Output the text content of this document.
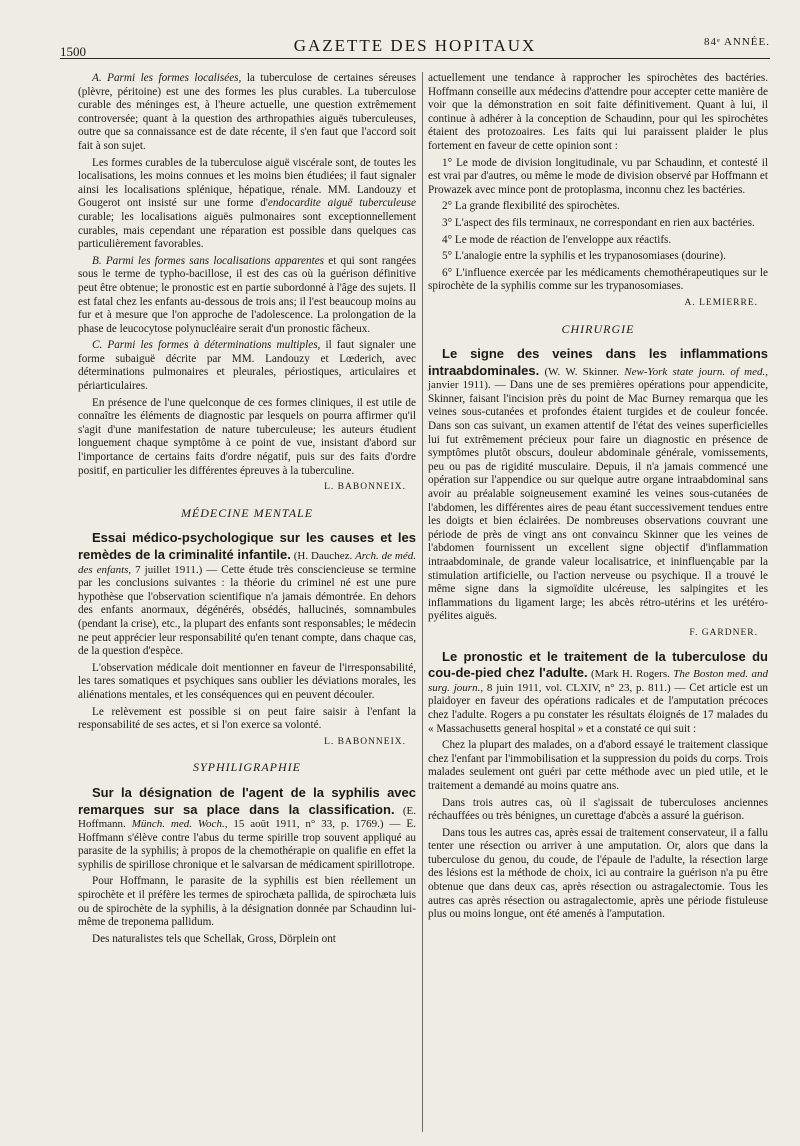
1500	GAZETTE DES HOPITAUX	84ᵉ ANNÉE.

A. Parmi les formes localisées, la tuberculose de certaines séreuses (plèvre, péritoine) est une des formes les plus curables. La tuberculose curable des méninges est, à l'heure actuelle, une question extrêmement controversée; quant à la question des arthropathies aiguës tuberculeuses, outre que sa connaissance est de date récente, il s'en faut que l'accord soit fait à son sujet.

Les formes curables de la tuberculose aiguë viscérale sont, de toutes les localisations, les moins connues et les moins bien étudiées; il faut signaler ainsi les localisations splénique, hépatique, rénale. MM. Landouzy et Gougerot ont insisté sur une forme d'endocardite aiguë tuberculeuse curable; les localisations aiguës pulmonaires sont exceptionnellement curables, mais cependant une réparation est possible dans quelques cas particulièrement favorables.

B. Parmi les formes sans localisations apparentes et qui sont rangées sous le terme de typho-bacillose, il est des cas où la guérison définitive peut être obtenue; le pronostic est en partie subordonné à l'âge des sujets. Il est fatal chez les enfants au-dessous de trois ans; il l'est beaucoup moins au fur et à mesure que l'on approche de l'adolescence. La prolongation de la phase de leucocytose polynucléaire serait d'un pronostic fâcheux.

C. Parmi les formes à déterminations multiples, il faut signaler une forme subaiguë décrite par MM. Landouzy et Lœderich, avec déterminations pulmonaires et pleurales, périostiques, articulaires et périarticulaires.

En présence de l'une quelconque de ces formes cliniques, il est utile de connaître les éléments de diagnostic par lesquels on pourra affirmer qu'il s'agit d'une manifestation de nature tuberculeuse; les auteurs étudient longuement chaque symptôme à ce point de vue, insistant d'abord sur l'importance de certains faits d'ordre négatif, puis sur des faits d'ordre positif, en particulier les différentes épreuves à la tuberculine.

L. BABONNEIX.

MÉDECINE MENTALE

Essai médico-psychologique sur les causes et les remèdes de la criminalité infantile. (H. Dauchez. Arch. de méd. des enfants, 7 juillet 1911.) — Cette étude très consciencieuse se termine par les conclusions suivantes : la théorie du criminel né est une pure hypothèse que l'observation scientifique n'a jamais démontrée. En dehors des enfants anormaux, dégénérés, obsédés, hallucinés, somnambules (pendant la crise), etc., la plupart des enfants sont responsables; le médecin ne peut apprécier leur responsabilité qu'en tenant compte, dans chaque cas, de la question d'espèce.

L'observation médicale doit mentionner en faveur de l'irresponsabilité, les tares somatiques et psychiques sans oublier les déviations morales, les aliénations mentales, et les conséquences qui en peuvent découler.

Le relèvement est possible si on peut faire saisir à l'enfant la responsabilité de ses actes, et si l'on exerce sa volonté.

L. BABONNEIX.

SYPHILIGRAPHIE

Sur la désignation de l'agent de la syphilis avec remarques sur sa place dans la classification. (E. Hoffmann. Münch. med. Woch., 15 août 1911, n° 33, p. 1769.) — E. Hoffmann s'élève contre l'abus du terme spirille trop souvent appliqué au parasite de la syphilis; à propos de la chemothérapie on qualifie en effet la syphilis de spirillose chronique et le salvarsan de médicament spirillotrope.

Pour Hoffmann, le parasite de la syphilis est bien réellement un spirochète et il préfère les termes de spirochæta pallida, de spirochæta luis ou de spirochète de la syphilis, à la désignation donnée par Schaudinn lui-même de treponema pallidum.

Des naturalistes tels que Schellak, Gross, Dörplein ont

actuellement une tendance à rapprocher les spirochètes des bactéries. Hoffmann conseille aux médecins d'attendre pour accepter cette manière de voir que la démonstration en soit faite définitivement. Quant à lui, il continue à adhérer à la conception de Schaudinn, pour qui les spirochètes étaient des protozoaires. Les faits qui lui paraissent plaider le plus fortement en faveur de cette opinion sont :

1° Le mode de division longitudinale, vu par Schaudinn, et contesté il est vrai par d'autres, ou même le mode de division observé par Hoffmann et Prowazek avec mince pont de protoplasma, inconnu chez les bactéries.

2° La grande flexibilité des spirochètes.

3° L'aspect des fils terminaux, ne correspondant en rien aux bactéries.

4° Le mode de réaction de l'enveloppe aux réactifs.

5° L'analogie entre la syphilis et les trypanosomiases (dourine).

6° L'influence exercée par les médicaments chemothérapeutiques sur le spirochète de la syphilis comme sur les trypanosomiases.

A. LEMIERRE.

CHIRURGIE

Le signe des veines dans les inflammations intraabdominales. (W. W. Skinner. New-York state journ. of med., janvier 1911). — Dans une de ses premières opérations pour appendicite, Skinner, faisant l'incision près du point de Mac Burney remarqua que les veines sous-cutanées et profondes étaient turgides et de couleur foncée. Dans son cas suivant, un examen attentif de l'état des veines superficielles lui fut extrêmement précieux pour faire un diagnostic en présence de symptômes plutôt obscurs, douleur abdominale générale, vomissements, peu ou pas de rigidité musculaire. Depuis, il n'a jamais commencé une opération sur l'appendice ou sur quelque autre organe intraabdominal sans avoir au préalable soigneusement examiné les veines sous-cutanées de l'abdomen, les différentes aires de peau étant successivement tendues entre les doigts et bien éclairées. De nombreuses observations couvrant une période de près de vingt ans ont convaincu Skinner que les veines de l'abdomen fournissent un excellent signe objectif d'inflammation intraabdominale, de grande valeur localisatrice, et ininfluençable par la stimulation artificielle, ou l'action nerveuse ou psychique. Il a trouvé le même signe dans la sigmoïdite ulcéreuse, les salpingites et les inflammations du ligament large; les abcès rétro-utérins et les urétéro-pyélites aiguës.

F. GARDNER.

Le pronostic et le traitement de la tuberculose du cou-de-pied chez l'adulte. (Mark H. Rogers. The Boston med. and surg. journ., 8 juin 1911, vol. CLXIV, n° 23, p. 811.) — Cet article est un plaidoyer en faveur des opérations radicales et de l'amputation précoces chez l'adulte. Rogers a pu constater les résultats éloignés de 17 malades du « Massachusetts general hospital » et a constaté ce qui suit :

Chez la plupart des malades, on a d'abord essayé le traitement classique chez l'enfant par l'immobilisation et la suppression du poids du corps. Trois malades seulement ont guéri par cette méthode avec un pied utile, et le traitement a demandé au moins quatre ans.

Dans trois autres cas, où il s'agissait de tuberculoses anciennes réchauffées ou très bénignes, un curettage d'abcès a assuré la guérison.

Dans tous les autres cas, après essai de traitement conservateur, il a fallu tenter une résection ou arriver à une amputation. Or, alors que dans la tuberculose du genou, du coude, de l'épaule de l'adulte, la résection large des lésions est la méthode de choix, ici au contraire la guérison n'a pu être obtenue que dans deux cas, après résection ou astragalectomie. Tous les autres cas après résection ou astragalectomie, après une période fistuleuse plus ou moins longue, ont été amenés à l'amputation.
